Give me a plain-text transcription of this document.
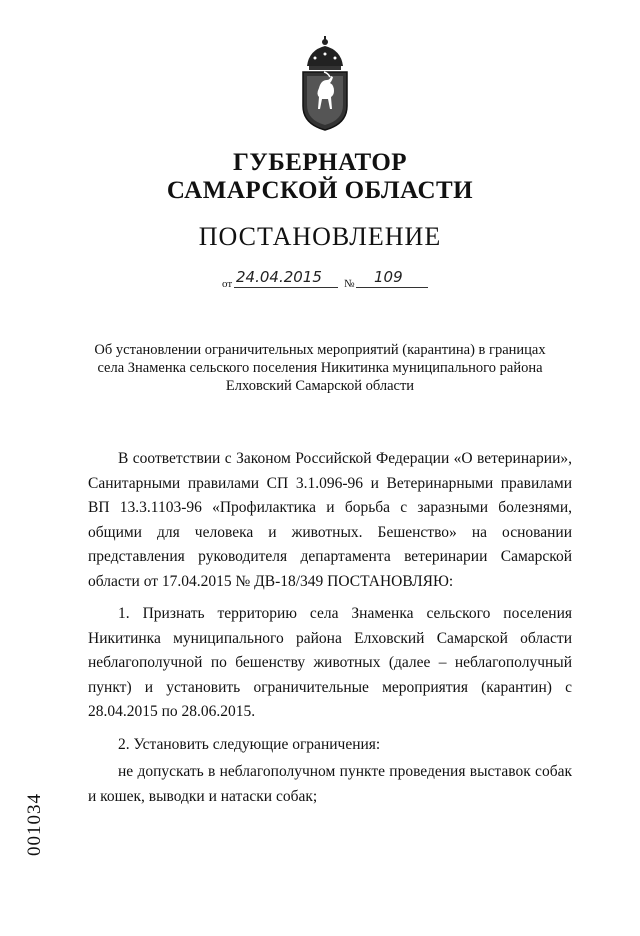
ГУБЕРНАТОР
САМАРСКОЙ ОБЛАСТИ
ПОСТАНОВЛЕНИЕ
от 24.04.2015 № 109
Об установлении ограничительных мероприятий (карантина) в границах
села Знаменка сельского поселения Никитинка муниципального района
Елховский Самарской области

В соответствии с Законом Российской Федерации «О ветеринарии», Санитарными правилами СП 3.1.096-96 и Ветеринарными правилами ВП 13.3.1103-96 «Профилактика и борьба с заразными болезнями, общими для человека и животных. Бешенство» на основании представления руководителя департамента ветеринарии Самарской области от 17.04.2015 № ДВ-18/349 ПОСТАНОВЛЯЮ:

1. Признать территорию села Знаменка сельского поселения Никитинка муниципального района Елховский Самарской области неблагополучной по бешенству животных (далее – неблагополучный пункт) и установить ограничительные мероприятия (карантин) с 28.04.2015 по 28.06.2015.

2. Установить следующие ограничения:

не допускать в неблагополучном пункте проведения выставок собак и кошек, выводки и натаски собак;

001034
